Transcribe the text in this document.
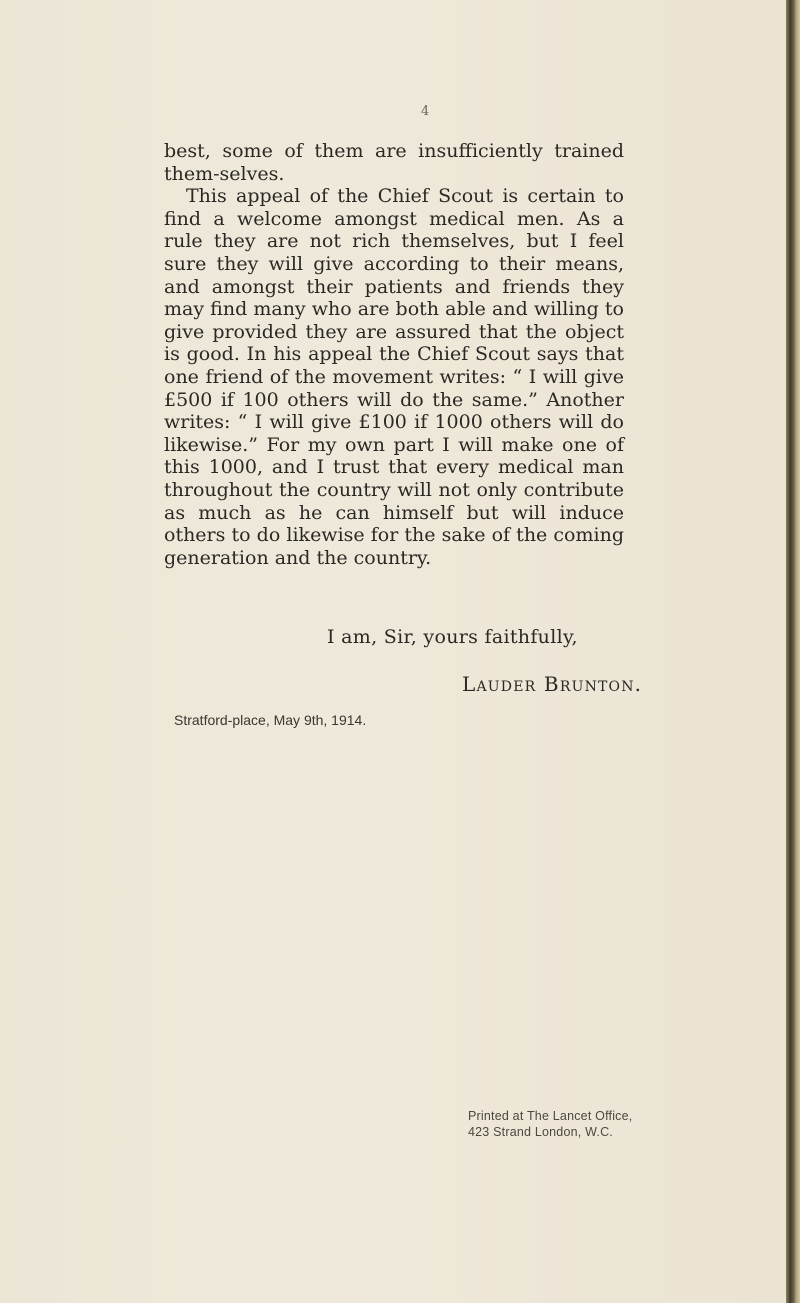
4

best, some of them are insufficiently trained them-selves.

This appeal of the Chief Scout is certain to find a welcome amongst medical men. As a rule they are not rich themselves, but I feel sure they will give according to their means, and amongst their patients and friends they may find many who are both able and willing to give provided they are assured that the object is good. In his appeal the Chief Scout says that one friend of the movement writes: “ I will give £500 if 100 others will do the same.” Another writes: “ I will give £100 if 1000 others will do likewise.” For my own part I will make one of this 1000, and I trust that every medical man throughout the country will not only contribute as much as he can himself but will induce others to do likewise for the sake of the coming generation and the country.

I am, Sir, yours faithfully,
Lauder Brunton.
Stratford-place, May 9th, 1914.
Printed at The Lancet Office,
423 Strand London, W.C.
